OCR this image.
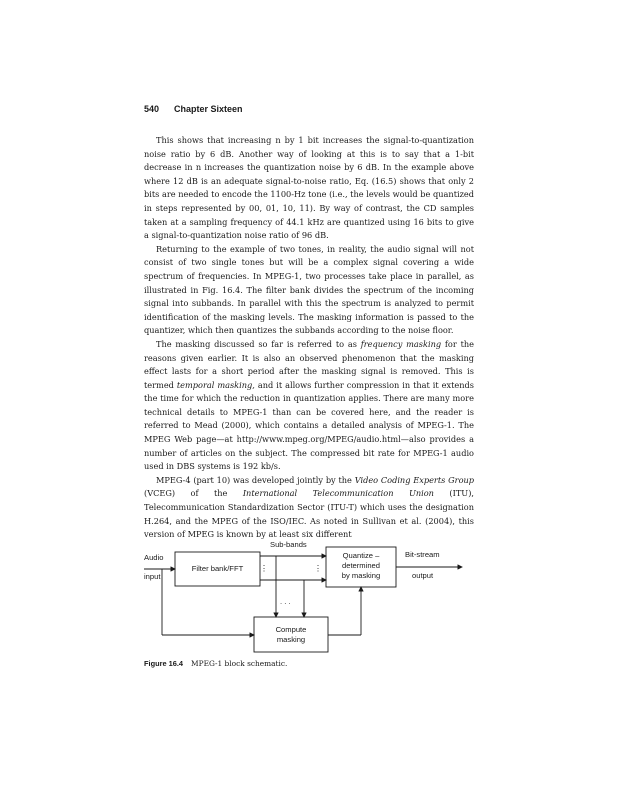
540 Chapter Sixteen

This shows that increasing n by 1 bit increases the signal-to-quantization noise ratio by 6 dB. Another way of looking at this is to say that a 1-bit decrease in n increases the quantization noise by 6 dB. In the example above where 12 dB is an adequate signal-to-noise ratio, Eq. (16.5) shows that only 2 bits are needed to encode the 1100-Hz tone (i.e., the levels would be quantized in steps represented by 00, 01, 10, 11). By way of contrast, the CD samples taken at a sampling frequency of 44.1 kHz are quantized using 16 bits to give a signal-to-quantization noise ratio of 96 dB.

Returning to the example of two tones, in reality, the audio signal will not consist of two single tones but will be a complex signal covering a wide spectrum of frequencies. In MPEG-1, two processes take place in parallel, as illustrated in Fig. 16.4. The filter bank divides the spectrum of the incoming signal into subbands. In parallel with this the spectrum is analyzed to permit identification of the masking levels. The masking information is passed to the quantizer, which then quantizes the subbands according to the noise floor.

The masking discussed so far is referred to as frequency masking for the reasons given earlier. It is also an observed phenomenon that the masking effect lasts for a short period after the masking signal is removed. This is termed temporal masking, and it allows further compression in that it extends the time for which the reduction in quantization applies. There are many more technical details to MPEG-1 than can be covered here, and the reader is referred to Mead (2000), which contains a detailed analysis of MPEG-1. The MPEG Web page—at http://www.mpeg.org/MPEG/audio.html—also provides a number of articles on the subject. The compressed bit rate for MPEG-1 audio used in DBS systems is 192 kb/s.

MPEG-4 (part 10) was developed jointly by the Video Coding Experts Group (VCEG) of the International Telecommunication Union (ITU), Telecommunication Standardization Sector (ITU-T) which uses the designation H.264, and the MPEG of the ISO/IEC. As noted in Sullivan et al. (2004), this version of MPEG is known by at least six different

⋮	⋮
Audio
input
Sub-bands
Filter bank/FFT
Quantize –
determined
by masking
Bit-stream
output
. . .
Compute
masking
Figure 16.4 MPEG-1 block schematic.
